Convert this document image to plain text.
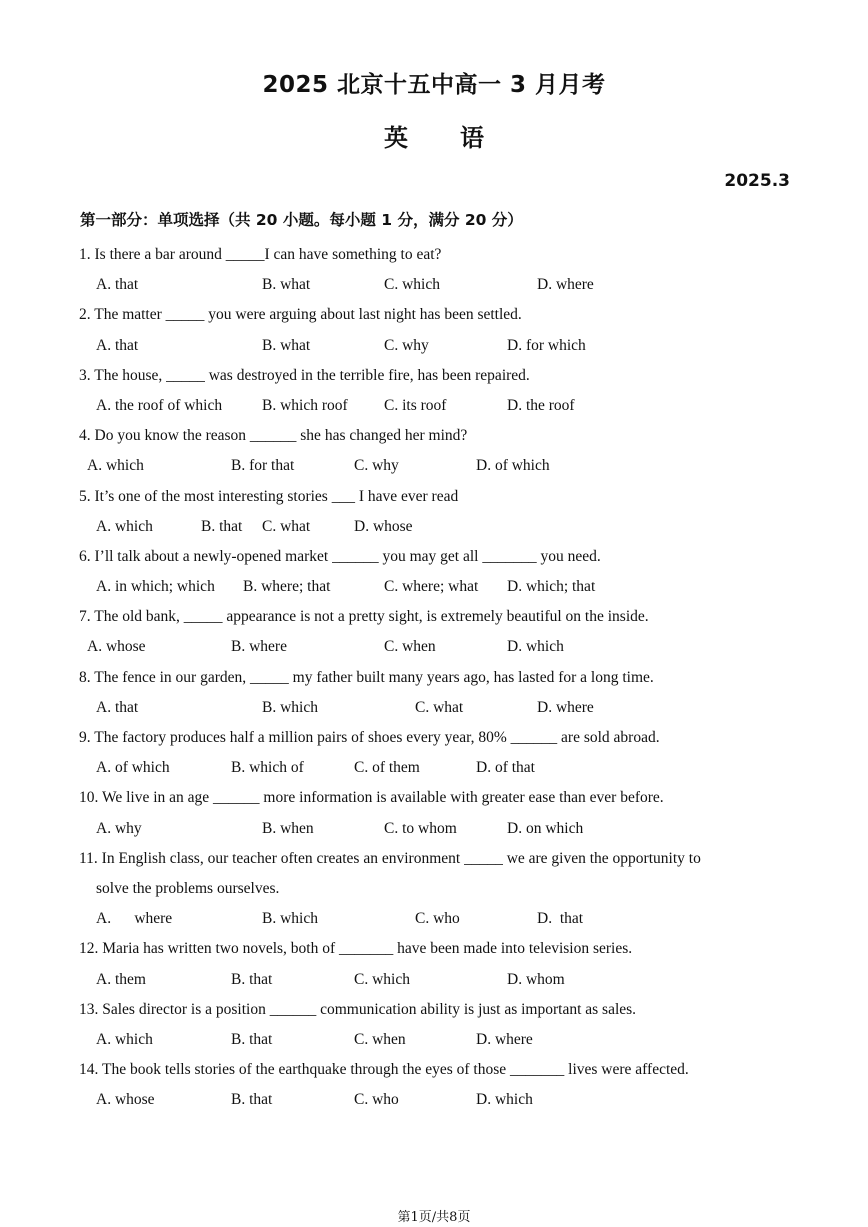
2025 北京十五中高一 3 月月考
英语
2025.3
第一部分：单项选择（共 20 小题。每小题 1 分，满分 20 分）
1. Is there a bar around _____I can have something to eat?
A. that	B. what	C. which	D. where
2. The matter _____ you were arguing about last night has been settled.
A. that	B. what	C. why	D. for which
3. The house, _____ was destroyed in the terrible fire, has been repaired.
A. the roof of which	B. which roof C. its roof	D. the roof
4. Do you know the reason ______ she has changed her mind?
A. which	B. for that	C. why	D. of which
5. It’s one of the most interesting stories ___ I have ever read
A. which	B. that C. what	D. whose
6. I’ll talk about a newly-opened market ______ you may get all _______ you need.
A. in which; which B. where; that	C. where; what D. which; that
7. The old bank, _____ appearance is not a pretty sight, is extremely beautiful on the inside.
A. whose	B. where	C. when	D. which
8. The fence in our garden, _____ my father built many years ago, has lasted for a long time.
A. that	B. which	C. what	D. where
9. The factory produces half a million pairs of shoes every year, 80% ______ are sold abroad.
A. of which	B. which of	C. of them	D. of that
10. We live in an age ______ more information is available with greater ease than ever before.
A. why	B. when	C. to whom	D. on which
11. In English class, our teacher often creates an environment _____ we are given the opportunity to
solve the problems ourselves.
A.      where	B. which	C. who	D.  that
12. Maria has written two novels, both of _______ have been made into television series.
A. them	B. that	C. which	D. whom
13. Sales director is a position ______ communication ability is just as important as sales.
A. which	B. that	C. when	D. where
14. The book tells stories of the earthquake through the eyes of those _______ lives were affected.
A. whose	B. that	C. who	D. which
第1页/共8页
